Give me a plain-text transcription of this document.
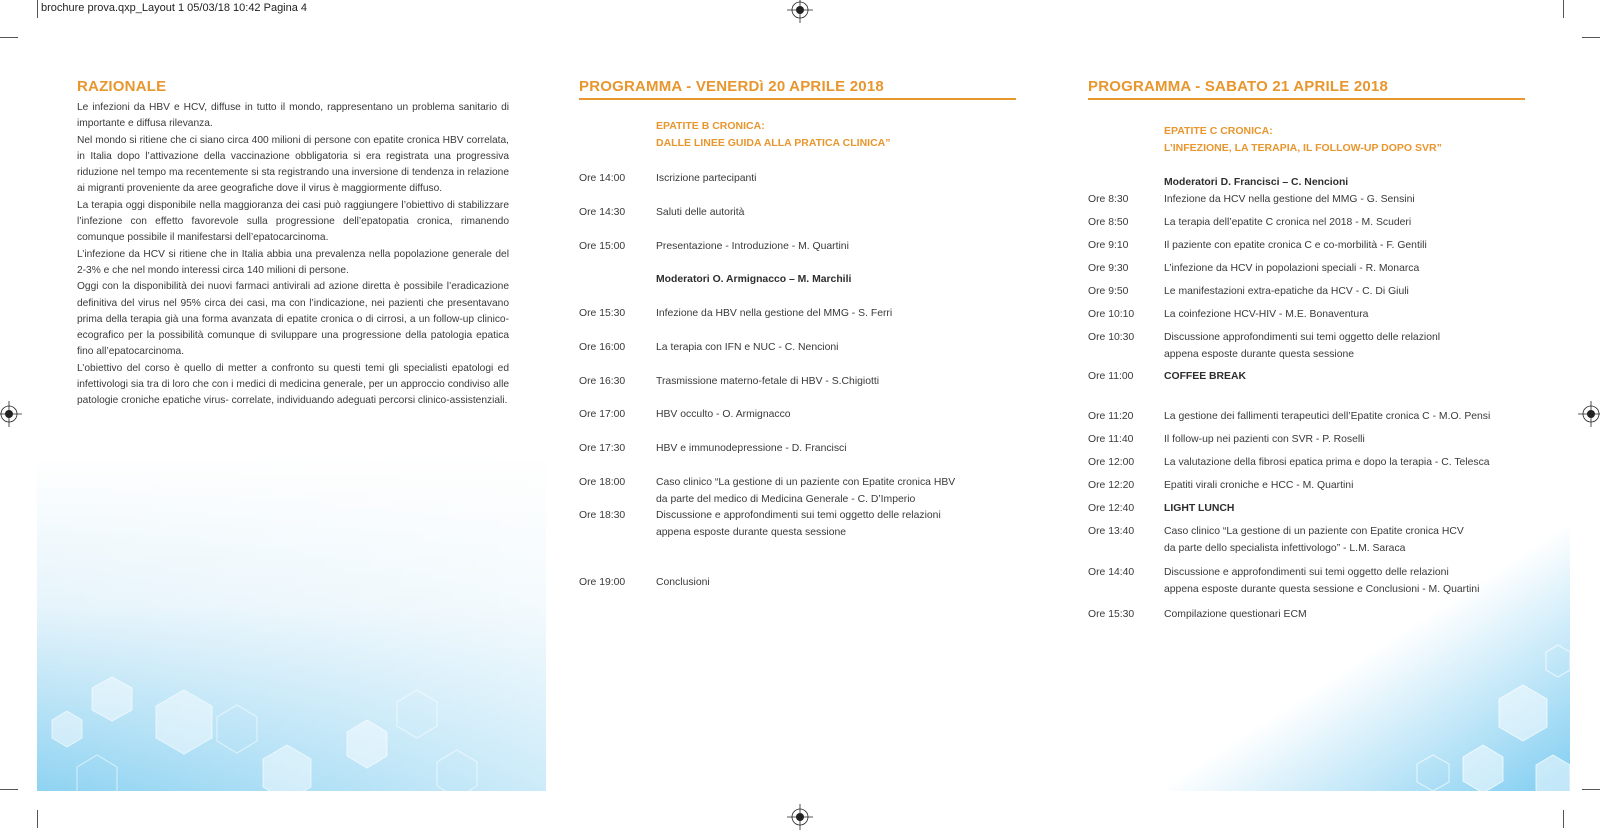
brochure prova.qxp_Layout 1 05/03/18 10:42 Pagina 4
RAZIONALE

Le infezioni da HBV e HCV, diffuse in tutto il mondo, rappresentano un problema sanitario di importante e diffusa rilevanza.

Nel mondo si ritiene che ci siano circa 400 milioni di persone con epatite cronica HBV correlata, in Italia dopo l’attivazione della vaccinazione obbligatoria si era registrata una progressiva riduzione nel tempo ma recentemente si sta registrando una inversione di tendenza in relazione ai migranti proveniente da aree geografiche dove il virus è maggiormente diffuso.

La terapia oggi disponibile nella maggioranza dei casi può raggiungere l’obiettivo di stabilizzare l’infezione con effetto favorevole sulla progressione dell’epatopatia cronica, rimanendo comunque possibile il manifestarsi dell’epatocarcinoma.

L’infezione da HCV si ritiene che in Italia abbia una prevalenza nella popolazione generale del 2-3% e che nel mondo interessi circa 140 milioni di persone.

Oggi con la disponibilità dei nuovi farmaci antivirali ad azione diretta è possibile l’eradicazione definitiva del virus nel 95% circa dei casi, ma con l’indicazione, nei pazienti che presentavano prima della terapia già una forma avanzata di epatite cronica o di cirrosi, a un follow-up clinico-ecografico per la possibilità comunque di sviluppare una progressione della patologia epatica fino all’epatocarcinoma.

L’obiettivo del corso è quello di metter a confronto su questi temi gli specialisti epatologi ed infettivologi sia tra di loro che con i medici di medicina generale, per un approccio condiviso alle patologie croniche epatiche virus- correlate, individuando adeguati percorsi clinico-assistenziali.

PROGRAMMA - VENERDì 20 APRILE 2018
EPATITE B CRONICA:
DALLE LINEE GUIDA ALLA PRATICA CLINICA”
Ore 14:00	Iscrizione partecipanti
Ore 14:30	Saluti delle autorità
Ore 15:00	Presentazione - Introduzione - M. Quartini
Moderatori O. Armignacco – M. Marchili
Ore 15:30	Infezione da HBV nella gestione del MMG - S. Ferri
Ore 16:00	La terapia con IFN e NUC - C. Nencioni
Ore 16:30	Trasmissione materno-fetale di HBV - S.Chigiotti
Ore 17:00	HBV occulto - O. Armignacco
Ore 17:30	HBV e immunodepressione - D. Francisci
Ore 18:00	Caso clinico “La gestione di un paziente con Epatite cronica HBV
da parte del medico di Medicina Generale - C. D’Imperio
Ore 18:30	Discussione e approfondimenti sui temi oggetto delle relazioni
appena esposte durante questa sessione
Ore 19:00	Conclusioni
PROGRAMMA - SABATO 21 APRILE 2018
EPATITE C CRONICA:
L’INFEZIONE, LA TERAPIA, IL FOLLOW-UP DOPO SVR”
Moderatori D. Francisci – C. Nencioni
Ore 8:30	Infezione da HCV nella gestione del MMG - G. Sensini
Ore 8:50	La terapia dell’epatite C cronica nel 2018 - M. Scuderi
Ore 9:10	Il paziente con epatite cronica C e co-morbilità - F. Gentili
Ore 9:30	L’infezione da HCV in popolazioni speciali - R. Monarca
Ore 9:50	Le manifestazioni extra-epatiche da HCV - C. Di Giuli
Ore 10:10	La coinfezione HCV-HIV - M.E. Bonaventura
Ore 10:30	Discussione approfondimenti sui temi oggetto delle relazionl
appena esposte durante questa sessione
Ore 11:00	COFFEE BREAK
Ore 11:20	La gestione dei fallimenti terapeutici dell’Epatite cronica C - M.O. Pensi
Ore 11:40	Il follow-up nei pazienti con SVR - P. Roselli
Ore 12:00	La valutazione della fibrosi epatica prima e dopo la terapia - C. Telesca
Ore 12:20	Epatiti virali croniche e HCC - M. Quartini
Ore 12:40	LIGHT LUNCH
Ore 13:40	Caso clinico “La gestione di un paziente con Epatite cronica HCV
da parte dello specialista infettivologo” - L.M. Saraca
Ore 14:40	Discussione e approfondimenti sui temi oggetto delle relazioni
appena esposte durante questa sessione e Conclusioni - M. Quartini
Ore 15:30	Compilazione questionari ECM
